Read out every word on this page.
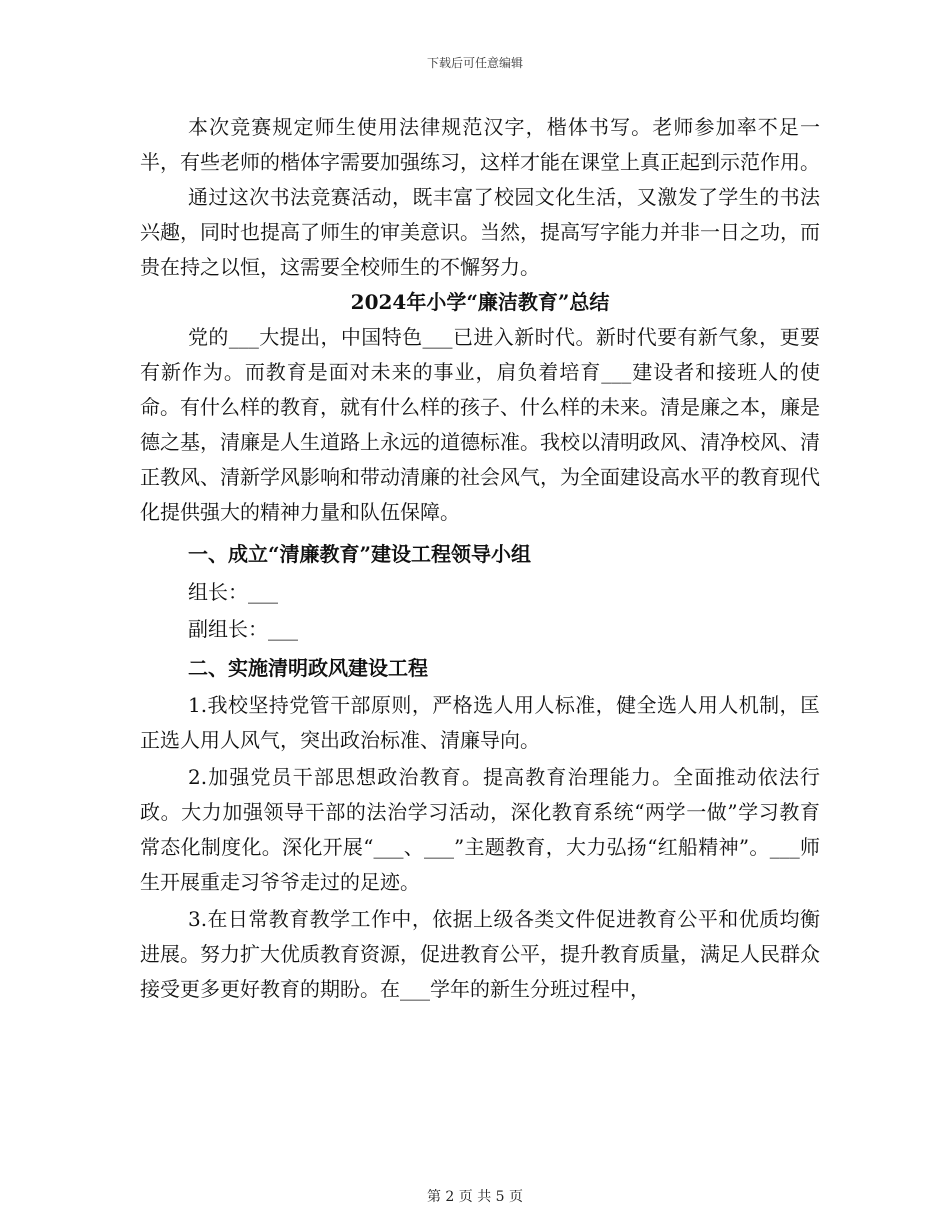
下载后可任意编辑

本次竞赛规定师生使用法律规范汉字，楷体书写。老师参加率不足一半，有些老师的楷体字需要加强练习，这样才能在课堂上真正起到示范作用。

通过这次书法竞赛活动，既丰富了校园文化生活，又激发了学生的书法兴趣，同时也提高了师生的审美意识。当然，提高写字能力并非一日之功，而贵在持之以恒，这需要全校师生的不懈努力。

2024年小学“廉洁教育”总结

党的___大提出，中国特色___已进入新时代。新时代要有新气象，更要有新作为。而教育是面对未来的事业，肩负着培育___建设者和接班人的使命。有什么样的教育，就有什么样的孩子、什么样的未来。清是廉之本，廉是德之基，清廉是人生道路上永远的道德标准。我校以清明政风、清净校风、清正教风、清新学风影响和带动清廉的社会风气，为全面建设高水平的教育现代化提供强大的精神力量和队伍保障。

一、成立“清廉教育”建设工程领导小组

组长：___

副组长：___

二、实施清明政风建设工程

1.我校坚持党管干部原则，严格选人用人标准，健全选人用人机制，匡正选人用人风气，突出政治标准、清廉导向。

2.加强党员干部思想政治教育。提高教育治理能力。全面推动依法行政。大力加强领导干部的法治学习活动，深化教育系统“两学一做”学习教育常态化制度化。深化开展“___、___”主题教育，大力弘扬“红船精神”。___师生开展重走习爷爷走过的足迹。

3.在日常教育教学工作中，依据上级各类文件促进教育公平和优质均衡进展。努力扩大优质教育资源，促进教育公平，提升教育质量，满足人民群众接受更多更好教育的期盼。在___学年的新生分班过程中，

第 2 页 共 5 页
